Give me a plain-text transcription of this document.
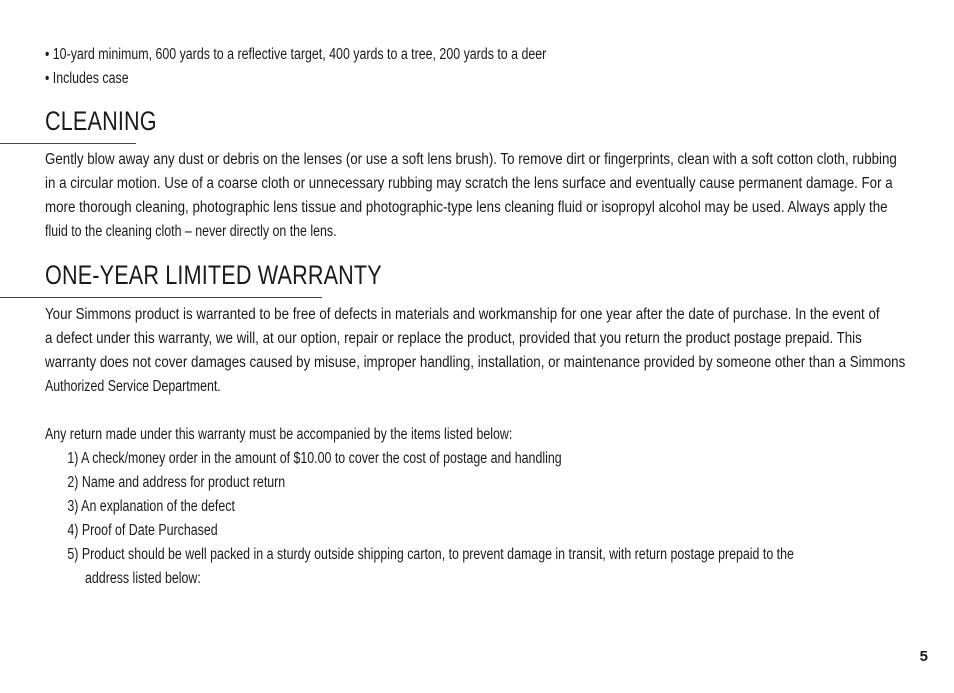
• 10-yard minimum, 600 yards to a reflective target, 400 yards to a tree, 200 yards to a deer
• Includes case
CLEANING
Gently blow away any dust or debris on the lenses (or use a soft lens brush). To remove dirt or fingerprints, clean with a soft cotton cloth, rubbing
in a circular motion. Use of a coarse cloth or unnecessary rubbing may scratch the lens surface and eventually cause permanent damage. For a
more thorough cleaning, photographic lens tissue and photographic-type lens cleaning fluid or isopropyl alcohol may be used. Always apply the
fluid to the cleaning cloth – never directly on the lens.
ONE-YEAR LIMITED WARRANTY
Your Simmons product is warranted to be free of defects in materials and workmanship for one year after the date of purchase. In the event of
a defect under this warranty, we will, at our option, repair or replace the product, provided that you return the product postage prepaid. This
warranty does not cover damages caused by misuse, improper handling, installation, or maintenance provided by someone other than a Simmons
Authorized Service Department.
Any return made under this warranty must be accompanied by the items listed below:
1) A check/money order in the amount of $10.00 to cover the cost of postage and handling
2) Name and address for product return
3) An explanation of the defect
4) Proof of Date Purchased
5) Product should be well packed in a sturdy outside shipping carton, to prevent damage in transit, with return postage prepaid to the
address listed below:
5
